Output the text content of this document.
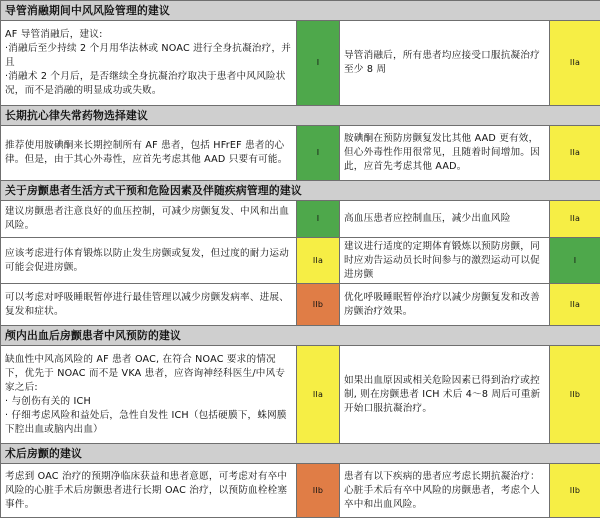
导管消融期间中风风险管理的建议			

AF 导管消融后，建议:
·消融后至少持续 2 个月用华法林或 NOAC 进行全身抗凝治疗，并且
·消融术 2 个月后，是否继续全身抗凝治疗取决于患者中风风险状况，而不是消融的明显成功或失败。	I	导管消融后，所有患者均应接受口服抗凝治疗至少 8 周	IIa
长期抗心律失常药物选择建议			
推荐使用胺碘酮来长期控制所有 AF 患者，包括 HFrEF 患者的心律。但是，由于其心外毒性，应首先考虑其他 AAD 只要有可能。	I	胺碘酮在预防房颤复发比其他 AAD 更有效，但心外毒性作用很常见，且随着时间增加。因此，应首先考虑其他 AAD。	IIa
关于房颤患者生活方式干预和危险因素及伴随疾病管理的建议			
建议房颤患者注意良好的血压控制，可减少房颤复发、中风和出血风险。	I	高血压患者应控制血压，减少出血风险	IIa
应该考虑进行体育锻炼以防止发生房颤或复发，但过度的耐力运动可能会促进房颤。	IIa	建议进行适度的定期体育锻炼以预防房颤，同时应劝告运动员长时间参与的激烈运动可以促进房颤	I
可以考虑对呼吸睡眠暂停进行最佳管理以减少房颤发病率、进展、复发和症状。	IIb	优化呼吸睡眠暂停治疗以减少房颤复发和改善房颤治疗效果。	IIa
颅内出血后房颤患者中风预防的建议			

缺血性中风高风险的 AF 患者 OAC, 在符合 NOAC 要求的情况下，优先于 NOAC 而不是 VKA 患者，应咨询神经科医生/中风专家之后:
· 与创伤有关的 ICH
· 仔细考虑风险和益处后，急性自发性 ICH（包括硬膜下，蛛网膜下腔出血或脑内出血）	IIa	如果出血原因或相关危险因素已得到治疗或控制, 则在房颤患者 ICH 术后 4～8 周后可重新开始口服抗凝治疗。	IIb
术后房颤的建议			
考虑到 OAC 治疗的预期净临床获益和患者意愿，可考虑对有卒中风险的心脏手术后房颤患者进行长期 OAC 治疗，以预防血栓栓塞事件。	IIb	患者有以下疾病的患者应考虑长期抗凝治疗：心脏手术后有卒中风险的房颤患者，考虑个人卒中和出血风险。	IIb
